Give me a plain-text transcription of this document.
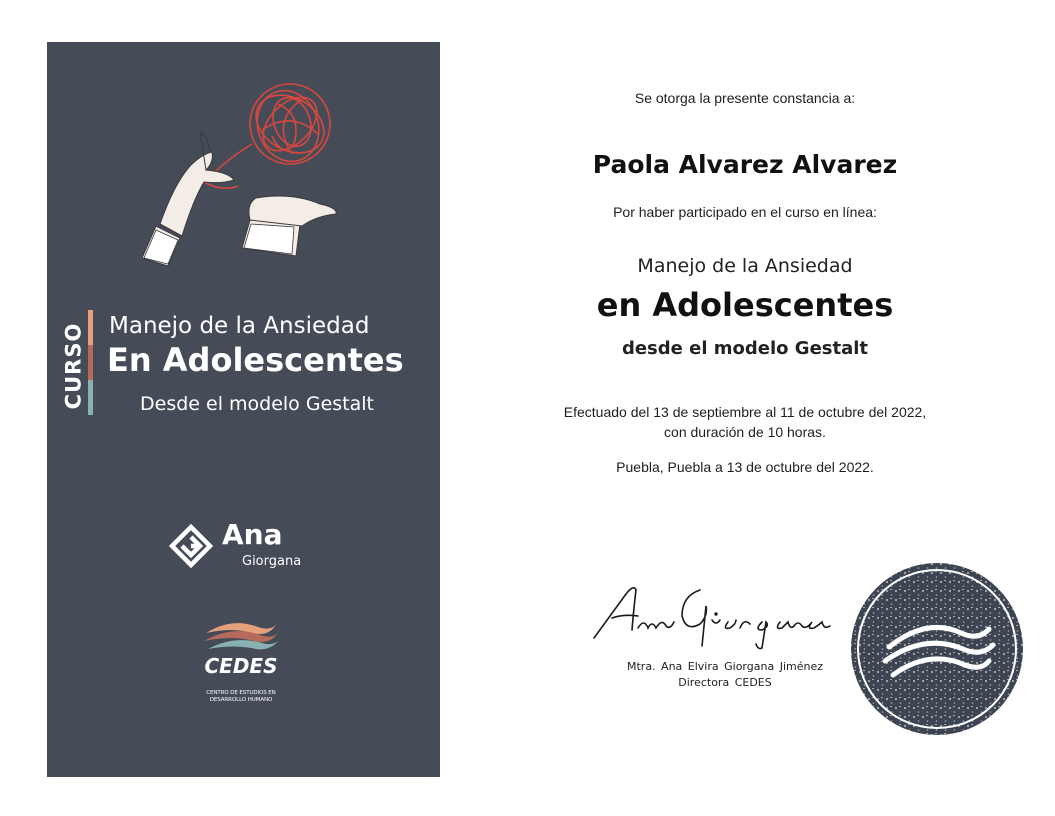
CURSO Manejo de la Ansiedad
En Adolescentes
Desde el modelo Gestalt
Ana
Giorgana
CEDES
CENTRO DE ESTUDIOS EN
DESARROLLO HUMANO
Se otorga la presente constancia a:
Paola Alvarez Alvarez
Por haber participado en el curso en línea:
Manejo de la Ansiedad
en Adolescentes
desde el modelo Gestalt
Efectuado del 13 de septiembre al 11 de octubre del 2022,
con duración de 10 horas.
Puebla, Puebla a 13 de octubre del 2022.
Mtra. Ana Elvira Giorgana Jiménez
Directora CEDES
